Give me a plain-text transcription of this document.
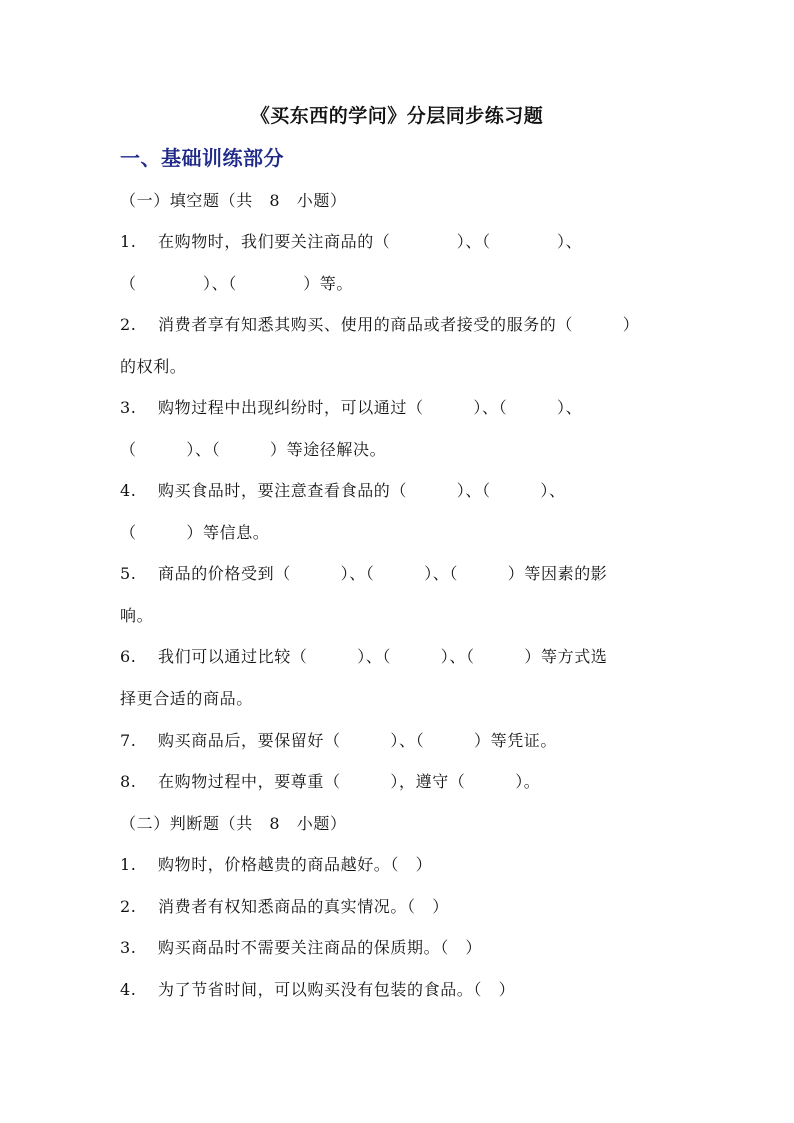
《买东西的学问》分层同步练习题
一、基础训练部分
（一）填空题（共　8　小题）
1. 在购物时，我们要关注商品的（　　　　）、（　　　　）、
（　　　　）、（　　　　）等。
2. 消费者享有知悉其购买、使用的商品或者接受的服务的（　　　）
的权利。
3. 购物过程中出现纠纷时，可以通过（　　　）、（　　　）、
（　　　）、（　　　）等途径解决。
4. 购买食品时，要注意查看食品的（　　　）、（　　　）、
（　　　）等信息。
5. 商品的价格受到（　　　）、（　　　）、（　　　）等因素的影
响。
6. 我们可以通过比较（　　　）、（　　　）、（　　　）等方式选
择更合适的商品。
7. 购买商品后，要保留好（　　　）、（　　　）等凭证。
8. 在购物过程中，要尊重（　　　），遵守（　　　）。
（二）判断题（共　8　小题）
1. 购物时，价格越贵的商品越好。（　）
2. 消费者有权知悉商品的真实情况。（　）
3. 购买商品时不需要关注商品的保质期。（　）
4. 为了节省时间，可以购买没有包装的食品。（　）
